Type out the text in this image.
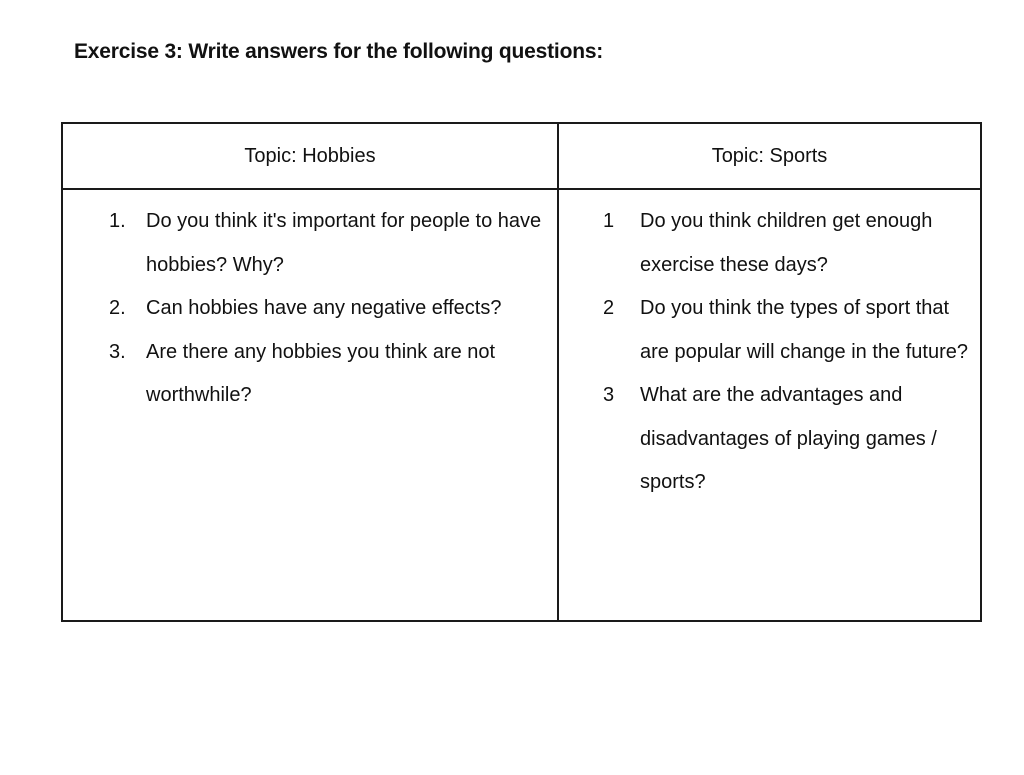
Exercise 3: Write answers for the following questions:
Topic: Hobbies	Topic: Sports
1.	Do you think it's important for people to have hobbies? Why?
2.	Can hobbies have any negative effects?
3.	Are there any hobbies you think are not worthwhile?
1	Do you think children get enough exercise these days?
2	Do you think the types of sport that are popular will change in the future?
3	What are the advantages and disadvantages of playing games / sports?
